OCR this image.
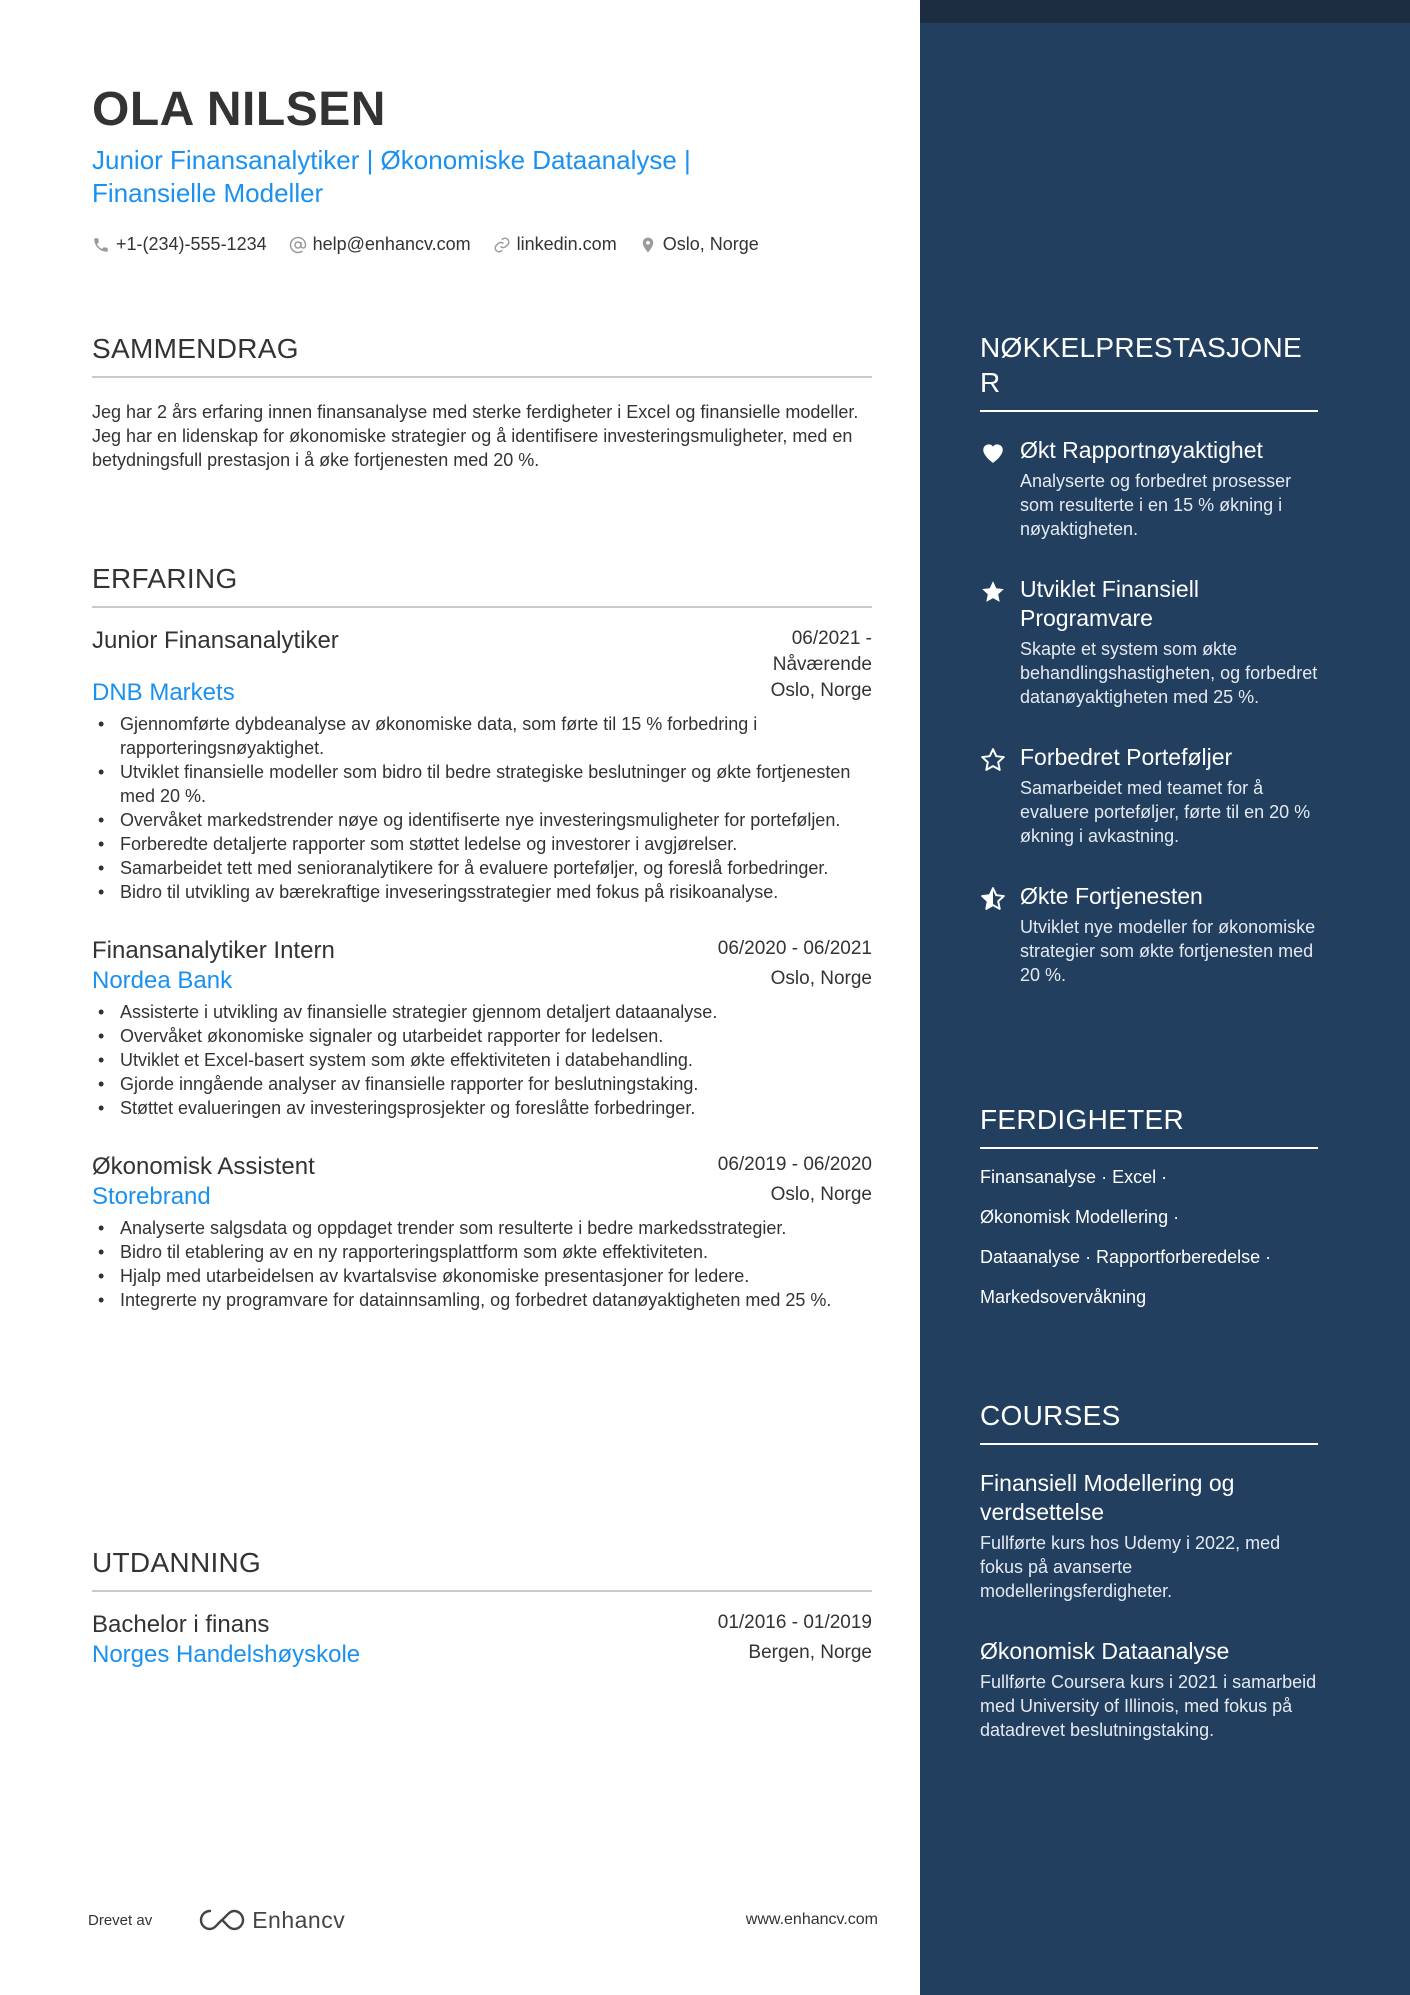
OLA NILSEN
Junior Finansanalytiker | Økonomiske Dataanalyse | Finansielle Modeller
+1-(234)-555-1234	help@enhancv.com	linkedin.com	Oslo, Norge
SAMMENDRAG
Jeg har 2 års erfaring innen finansanalyse med sterke ferdigheter i Excel og finansielle modeller. Jeg har en lidenskap for økonomiske strategier og å identifisere investeringsmuligheter, med en betydningsfull prestasjon i å øke fortjenesten med 20 %.
ERFARING
Junior Finansanalytiker	06/2021 - Nåværende
DNB Markets	Oslo, Norge
• Gjennomførte dybdeanalyse av økonomiske data, som førte til 15 % forbedring i rapporteringsnøyaktighet.
• Utviklet finansielle modeller som bidro til bedre strategiske beslutninger og økte fortjenesten med 20 %.
• Overvåket markedstrender nøye og identifiserte nye investeringsmuligheter for porteføljen.
• Forberedte detaljerte rapporter som støttet ledelse og investorer i avgjørelser.
• Samarbeidet tett med senioranalytikere for å evaluere porteføljer, og foreslå forbedringer.
• Bidro til utvikling av bærekraftige inveseringsstrategier med fokus på risikoanalyse.
Finansanalytiker Intern	06/2020 - 06/2021
Nordea Bank	Oslo, Norge
• Assisterte i utvikling av finansielle strategier gjennom detaljert dataanalyse.
• Overvåket økonomiske signaler og utarbeidet rapporter for ledelsen.
• Utviklet et Excel-basert system som økte effektiviteten i databehandling.
• Gjorde inngående analyser av finansielle rapporter for beslutningstaking.
• Støttet evalueringen av investeringsprosjekter og foreslåtte forbedringer.
Økonomisk Assistent	06/2019 - 06/2020
Storebrand	Oslo, Norge
• Analyserte salgsdata og oppdaget trender som resulterte i bedre markedsstrategier.
• Bidro til etablering av en ny rapporteringsplattform som økte effektiviteten.
• Hjalp med utarbeidelsen av kvartalsvise økonomiske presentasjoner for ledere.
• Integrerte ny programvare for datainnsamling, og forbedret datanøyaktigheten med 25 %.
UTDANNING
Bachelor i finans	01/2016 - 01/2019
Norges Handelshøyskole	Bergen, Norge
Drevet av	Enhancv	www.enhancv.com
NØKKELPRESTASJONER
Økt Rapportnøyaktighet
Analyserte og forbedret prosesser som resulterte i en 15 % økning i nøyaktigheten.
Utviklet Finansiell Programvare
Skapte et system som økte behandlingshastigheten, og forbedret datanøyaktigheten med 25 %.
Forbedret Porteføljer
Samarbeidet med teamet for å evaluere porteføljer, førte til en 20 % økning i avkastning.
Økte Fortjenesten
Utviklet nye modeller for økonomiske strategier som økte fortjenesten med 20 %.
FERDIGHETER
Finansanalyse · Excel ·
Økonomisk Modellering ·
Dataanalyse · Rapportforberedelse ·
Markedsovervåkning
COURSES
Finansiell Modellering og verdsettelse
Fullførte kurs hos Udemy i 2022, med fokus på avanserte modelleringsferdigheter.
Økonomisk Dataanalyse
Fullførte Coursera kurs i 2021 i samarbeid med University of Illinois, med fokus på datadrevet beslutningstaking.
